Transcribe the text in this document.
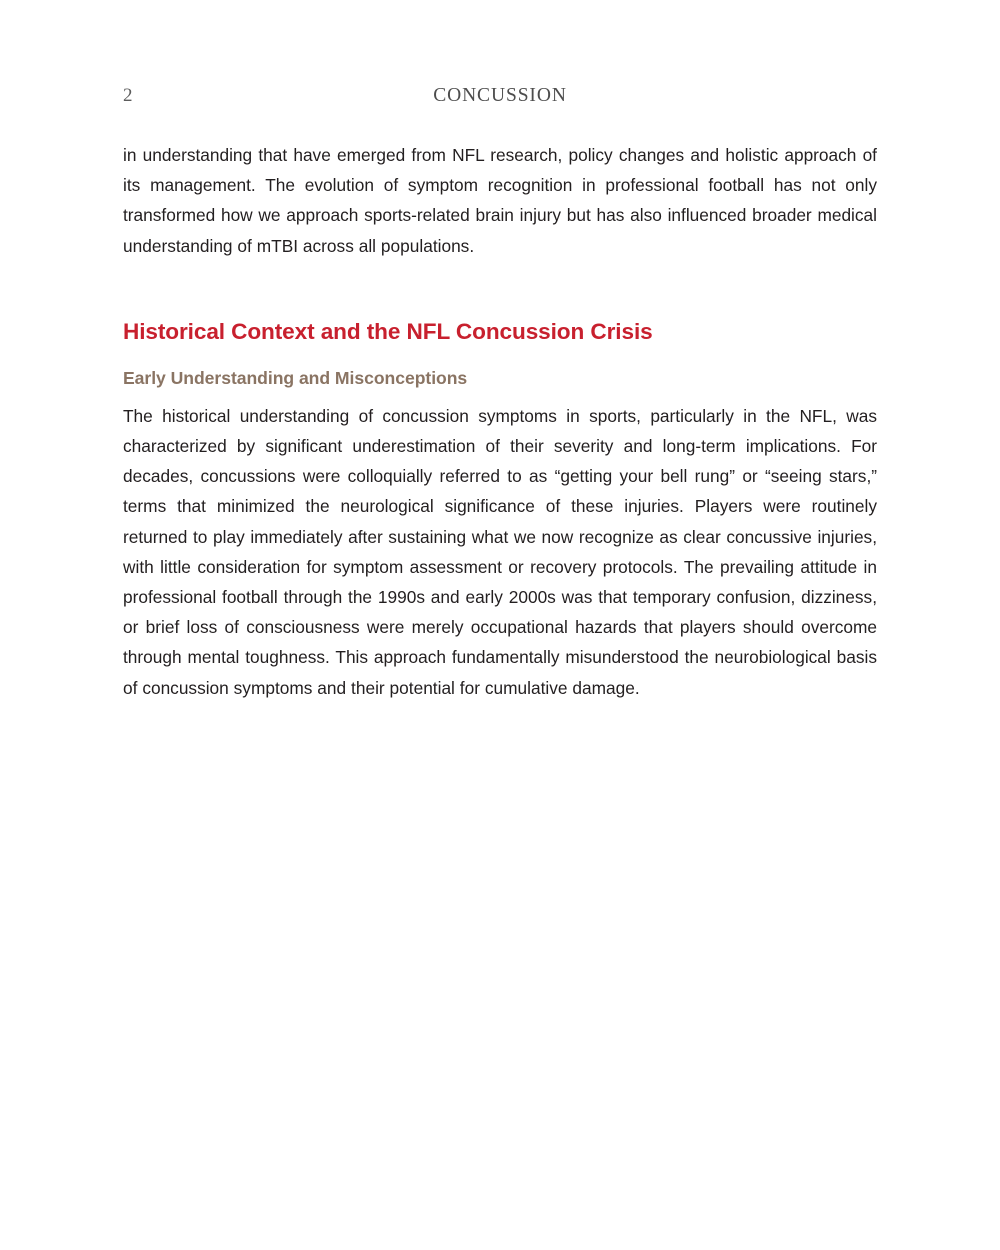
2	CONCUSSION

in understanding that have emerged from NFL research, policy changes and holistic approach of its management. The evolution of symptom recognition in professional football has not only transformed how we approach sports-related brain injury but has also influenced broader medical understanding of mTBI across all populations.

Historical Context and the NFL Concussion Crisis
Early Understanding and Misconceptions

The historical understanding of concussion symptoms in sports, particularly in the NFL, was characterized by significant underestimation of their severity and long-term implications. For decades, concussions were colloquially referred to as “getting your bell rung” or “seeing stars,” terms that minimized the neurological significance of these injuries. Players were routinely returned to play immediately after sustaining what we now recognize as clear concussive injuries, with little consideration for symptom assessment or recovery protocols. The prevailing attitude in professional football through the 1990s and early 2000s was that temporary confusion, dizziness, or brief loss of consciousness were merely occupational hazards that players should overcome through mental toughness. This approach fundamentally misunderstood the neurobiological basis of concussion symptoms and their potential for cumulative damage.
